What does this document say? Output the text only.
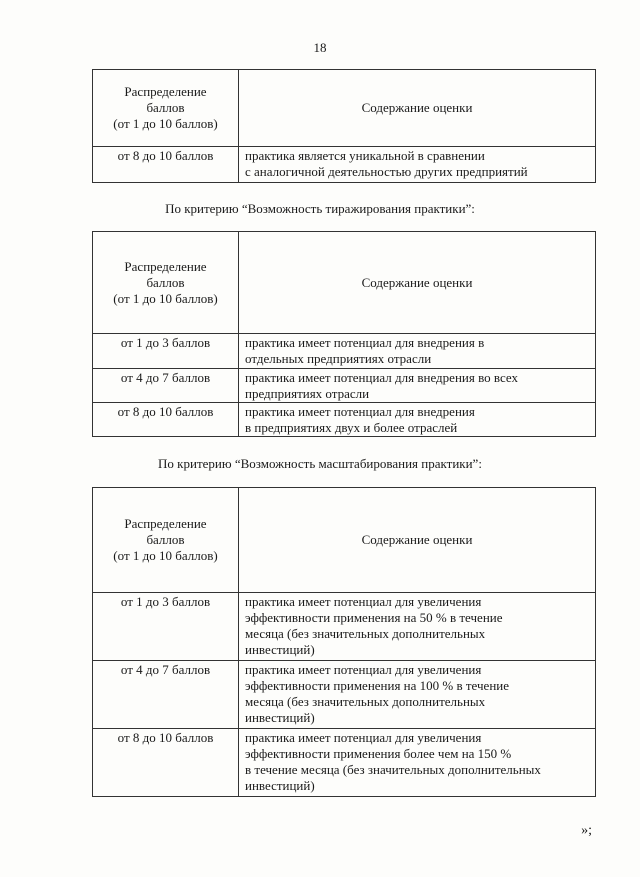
18
Распределение
баллов
(от 1 до 10 баллов)	Содержание оценки
от 8 до 10 баллов	практика является уникальной в сравнении
с аналогичной деятельностью других предприятий
По критерию “Возможность тиражирования практики”:
Распределение
баллов
(от 1 до 10 баллов)	Содержание оценки
от 1 до 3 баллов	практика имеет потенциал для внедрения в
отдельных предприятиях отрасли

от 4 до 7 баллов	практика имеет потенциал для внедрения во всех
предприятиях отрасли

от 8 до 10 баллов	практика имеет потенциал для внедрения
в предприятиях двух и более отраслей
По критерию “Возможность масштабирования практики”:
Распределение
баллов
(от 1 до 10 баллов)	Содержание оценки
от 1 до 3 баллов	практика имеет потенциал для увеличения
эффективности применения на 50 % в течение
месяца (без значительных дополнительных
инвестиций)

от 4 до 7 баллов	практика имеет потенциал для увеличения
эффективности применения на 100 % в течение
месяца (без значительных дополнительных
инвестиций)

от 8 до 10 баллов	практика имеет потенциал для увеличения
эффективности применения более чем на 150 %
в течение месяца (без значительных дополнительных
инвестиций)
»;
